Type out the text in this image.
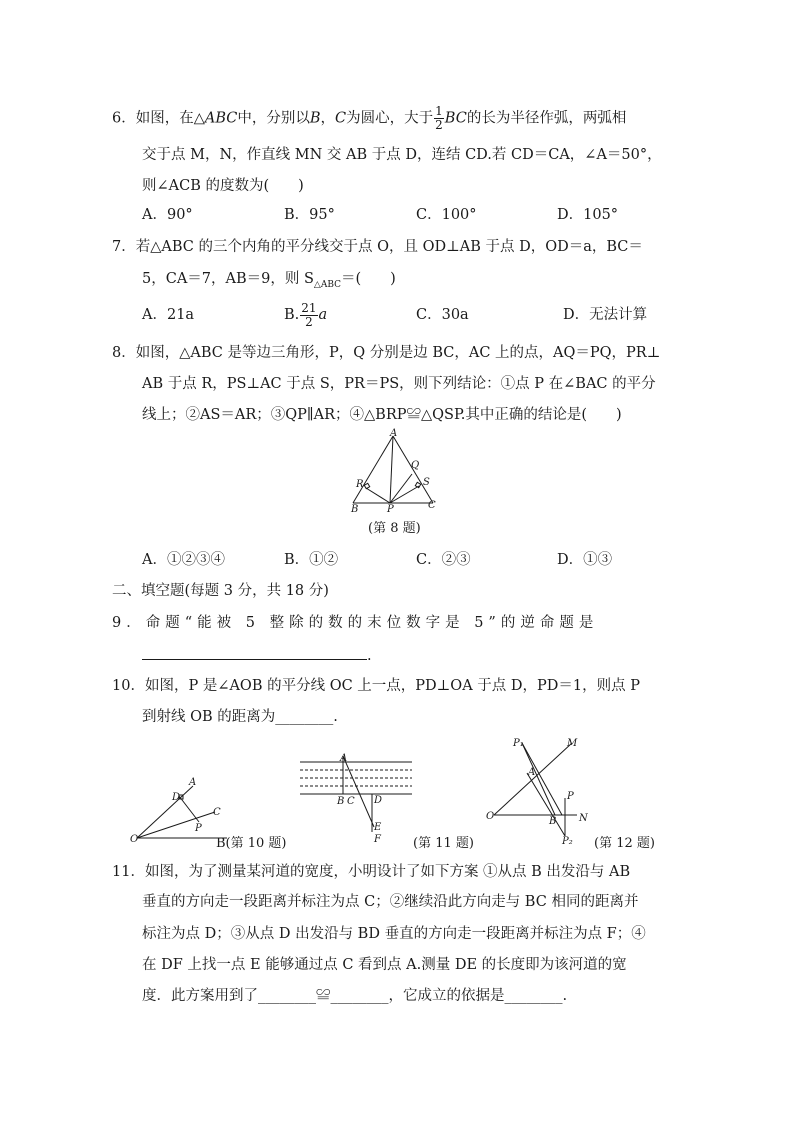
6．如图，在△ABC中，分别以B，C为圆心，大于 $\frac{1}{2}$ BC的长为半径作弧，两弧相
交于点 M，N，作直线 MN 交 AB 于点 D，连结 CD.若 CD＝CA，∠A＝50°，
则∠ACB 的度数为(　　)
A．90°	B．95°	C．100°	D．105°
7．若△ABC 的三个内角的平分线交于点 O，且 OD⊥AB 于点 D，OD＝a，BC＝
5，CA＝7，AB＝9，则 $S_{\triangle ABC}=$(　　)
A．21a	B. $\frac{21}{2}$ a	C．30a	D．无法计算
8．如图，△ABC 是等边三角形，P，Q 分别是边 BC，AC 上的点，AQ＝PQ，PR⊥
AB 于点 R，PS⊥AC 于点 S，PR＝PS，则下列结论：①点 P 在∠BAC 的平分
线上；②AS＝AR；③QP∥AR；④△BRP≌△QSP.其中正确的结论是(　　)
A
Q
R	S
B	P	C
(第 8 题)
A．①②③④	B．①②	C．②③	D．①③
二、填空题(每题 3 分，共 18 分)
9．命题“能被 5 整除的数的末位数字是 5”的逆命题是
.
10．如图，P 是∠AOB 的平分线 OC 上一点，PD⊥OA 于点 D，PD＝1，则点 P
到射线 OB 的距离为________.
A
D
C
P
O	B(第 10 题)
A
B C D
E
F (第 11 题)
P₁	M
A
P
O	B N
P₂ (第 12 题)
11．如图，为了测量某河道的宽度，小明设计了如下方案 ①从点 B 出发沿与 AB
垂直的方向走一段距离并标注为点 C；②继续沿此方向走与 BC 相同的距离并
标注为点 D；③从点 D 出发沿与 BD 垂直的方向走一段距离并标注为点 F；④
在 DF 上找一点 E 能够通过点 C 看到点 A.测量 DE 的长度即为该河道的宽
度．此方案用到了________≌________，它成立的依据是________.
